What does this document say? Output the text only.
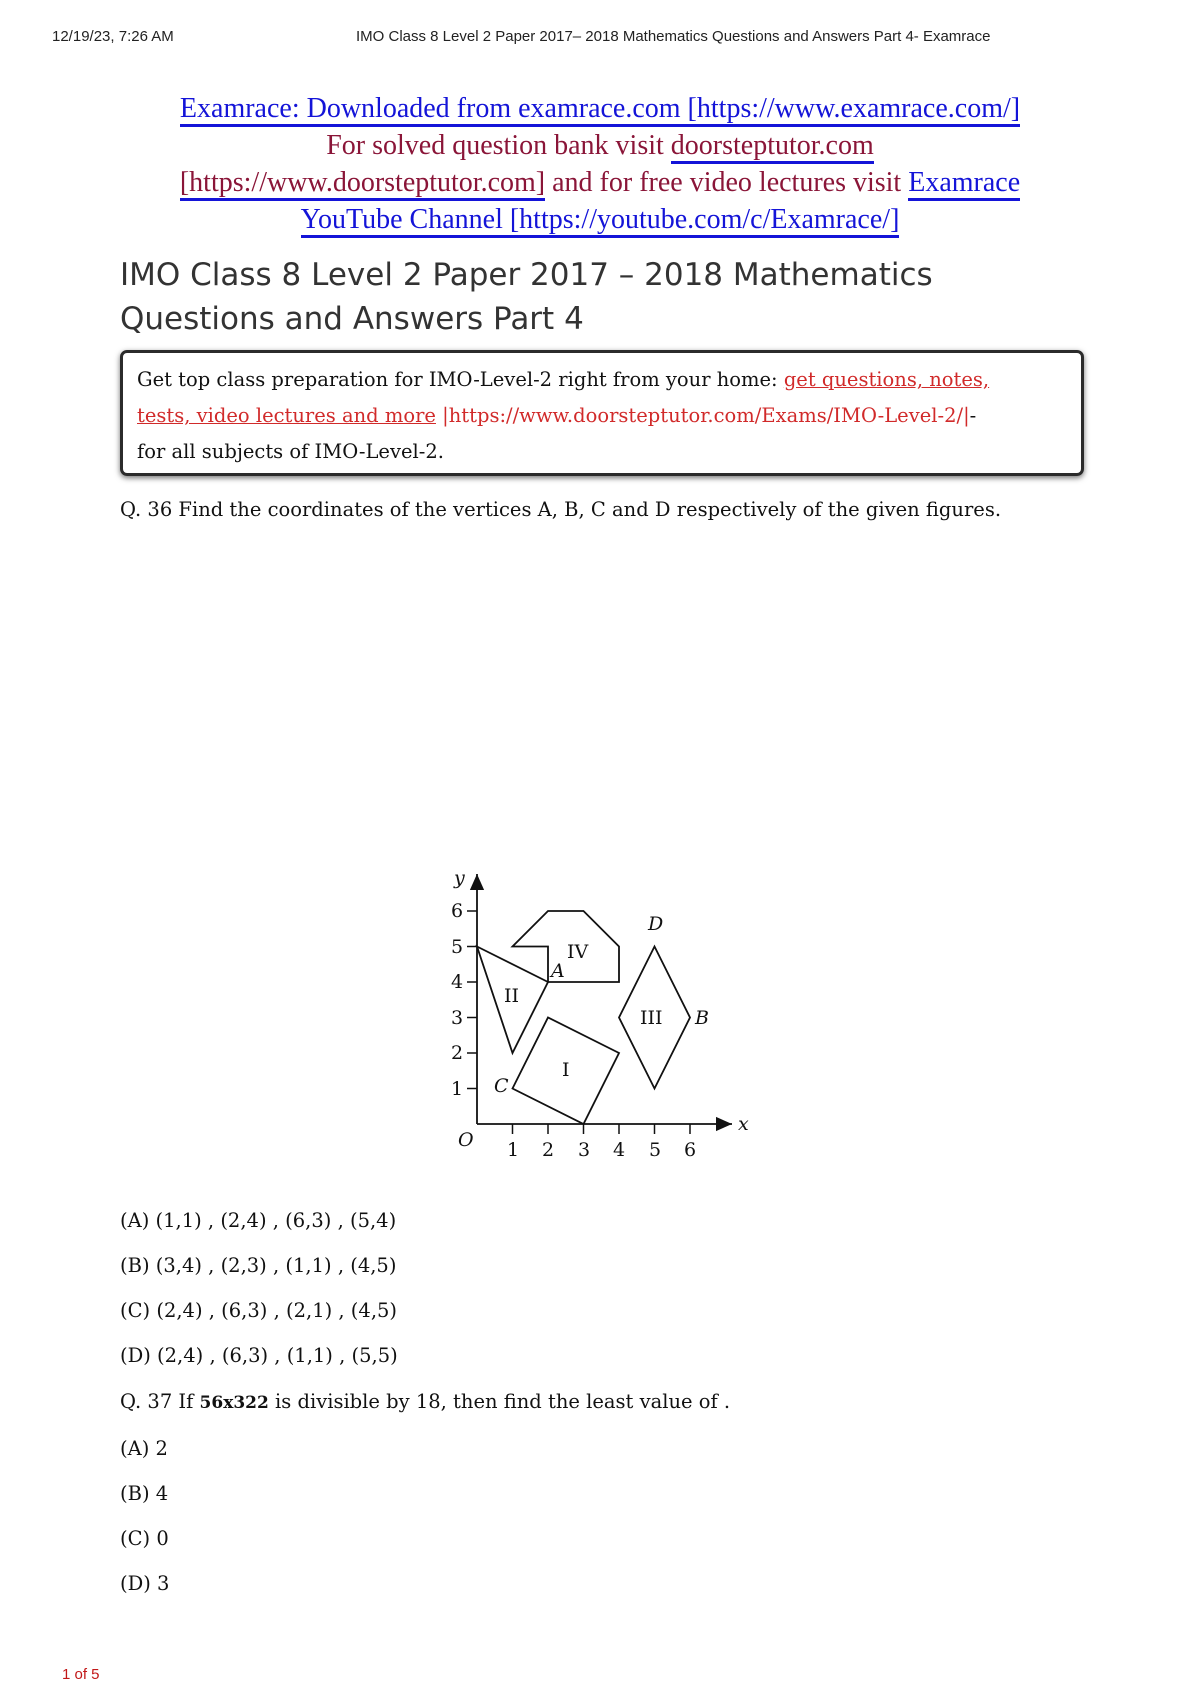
12/19/23, 7:26 AM	IMO Class 8 Level 2 Paper 2017– 2018 Mathematics Questions and Answers Part 4- Examrace
Examrace: Downloaded from examrace.com [https://www.examrace.com/]
For solved question bank visit doorsteptutor.com
[https://www.doorsteptutor.com] and for free video lectures visit Examrace
YouTube Channel [https://youtube.com/c/Examrace/]
IMO Class 8 Level 2 Paper 2017 – 2018 Mathematics Questions and Answers Part 4
Get top class preparation for IMO-Level-2 right from your home: get questions, notes,
tests, video lectures and more |https://www.doorsteptutor.com/Exams/IMO-Level-2/|-
for all subjects of IMO-Level-2.
Q. 36 Find the coordinates of the vertices A, B, C and D respectively of the given figures.
y
x
O 1 2 3 4 5 6
1
2
3
4
5
6
I
II
III
IV
A
B
C
D
(A) (1,1) , (2,4) , (6,3) , (5,4)
(B) (3,4) , (2,3) , (1,1) , (4,5)
(C) (2,4) , (6,3) , (2,1) , (4,5)
(D) (2,4) , (6,3) , (1,1) , (5,5)
Q. 37 If 56x322 is divisible by 18, then find the least value of .
(A) 2
(B) 4
(C) 0
(D) 3
1 of 5
